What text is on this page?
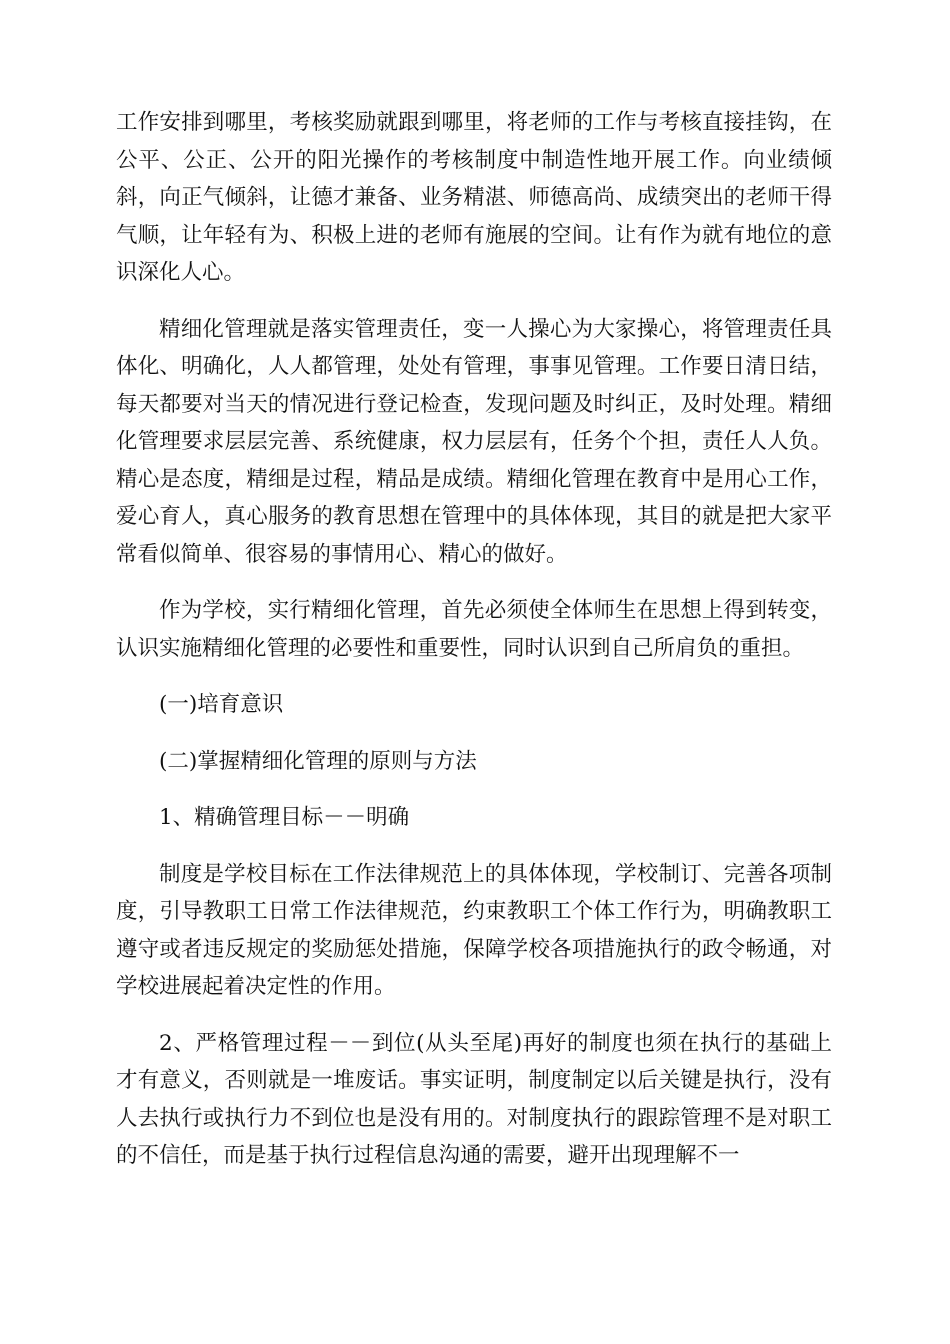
工作安排到哪里，考核奖励就跟到哪里，将老师的工作与考核直接挂钩，在公平、公正、公开的阳光操作的考核制度中制造性地开展工作。向业绩倾斜，向正气倾斜，让德才兼备、业务精湛、师德高尚、成绩突出的老师干得气顺，让年轻有为、积极上进的老师有施展的空间。让有作为就有地位的意识深化人心。

精细化管理就是落实管理责任，变一人操心为大家操心，将管理责任具体化、明确化，人人都管理，处处有管理，事事见管理。工作要日清日结，每天都要对当天的情况进行登记检查，发现问题及时纠正，及时处理。精细化管理要求层层完善、系统健康，权力层层有，任务个个担，责任人人负。精心是态度，精细是过程，精品是成绩。精细化管理在教育中是用心工作，爱心育人，真心服务的教育思想在管理中的具体体现，其目的就是把大家平常看似简单、很容易的事情用心、精心的做好。

作为学校，实行精细化管理，首先必须使全体师生在思想上得到转变，认识实施精细化管理的必要性和重要性，同时认识到自己所肩负的重担。

(一)培育意识

(二)掌握精细化管理的原则与方法

1、精确管理目标－－明确

制度是学校目标在工作法律规范上的具体体现，学校制订、完善各项制度，引导教职工日常工作法律规范，约束教职工个体工作行为，明确教职工遵守或者违反规定的奖励惩处措施，保障学校各项措施执行的政令畅通，对学校进展起着决定性的作用。

2、严格管理过程－－到位(从头至尾)再好的制度也须在执行的基础上才有意义，否则就是一堆废话。事实证明，制度制定以后关键是执行，没有人去执行或执行力不到位也是没有用的。对制度执行的跟踪管理不是对职工的不信任，而是基于执行过程信息沟通的需要，避开出现理解不一
